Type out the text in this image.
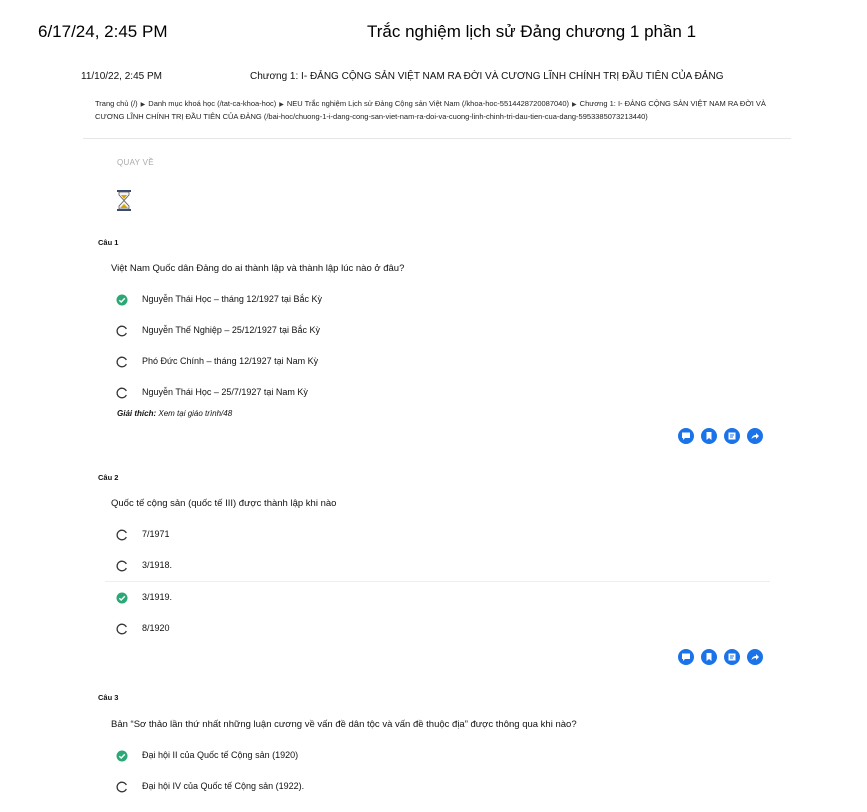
6/17/24, 2:45 PM	Trắc nghiệm lịch sử Đảng chương 1 phần 1
11/10/22, 2:45 PM	Chương 1: I- ĐẢNG CỘNG SẢN VIỆT NAM RA ĐỜI VÀ CƯƠNG LĨNH CHÍNH TRỊ ĐẦU TIÊN CỦA ĐẢNG
Trang chủ (/) ▶ Danh mục khoá học (/tat-ca-khoa-hoc) ▶ NEU Trắc nghiệm Lịch sử Đảng Cộng sản Việt Nam (/khoa-hoc-5514428720087040) ▶ Chương 1: I- ĐẢNG CỘNG SẢN VIỆT NAM RA ĐỜI VÀ CƯƠNG LĨNH CHÍNH TRỊ ĐẦU TIÊN CỦA ĐẢNG (/bai-hoc/chuong-1-i-dang-cong-san-viet-nam-ra-doi-va-cuong-linh-chinh-tri-dau-tien-cua-dang-5953385073213440)
QUAY VỀ
Câu 1
Việt Nam Quốc dân Đảng do ai thành lập và thành lập lúc nào ở đâu?
Nguyễn Thái Học – tháng 12/1927 tại Bắc Kỳ
Nguyễn Thế Nghiệp – 25/12/1927 tại Bắc Kỳ
Phó Đức Chính – tháng 12/1927 tại Nam Kỳ
Nguyễn Thái Học – 25/7/1927 tại Nam Kỳ
Giải thích: Xem tại giáo trình/48
Câu 2
Quốc tế cộng sản (quốc tế III) được thành lập khi nào
7/1971
3/1918.
3/1919.
8/1920
Câu 3
Bản “Sơ thảo lần thứ nhất những luận cương về vấn đề dân tộc và vấn đề thuộc địa” được thông qua khi nào?
Đại hội II của Quốc tế Cộng sản (1920)
Đại hội IV của Quốc tế Cộng sản (1922).
